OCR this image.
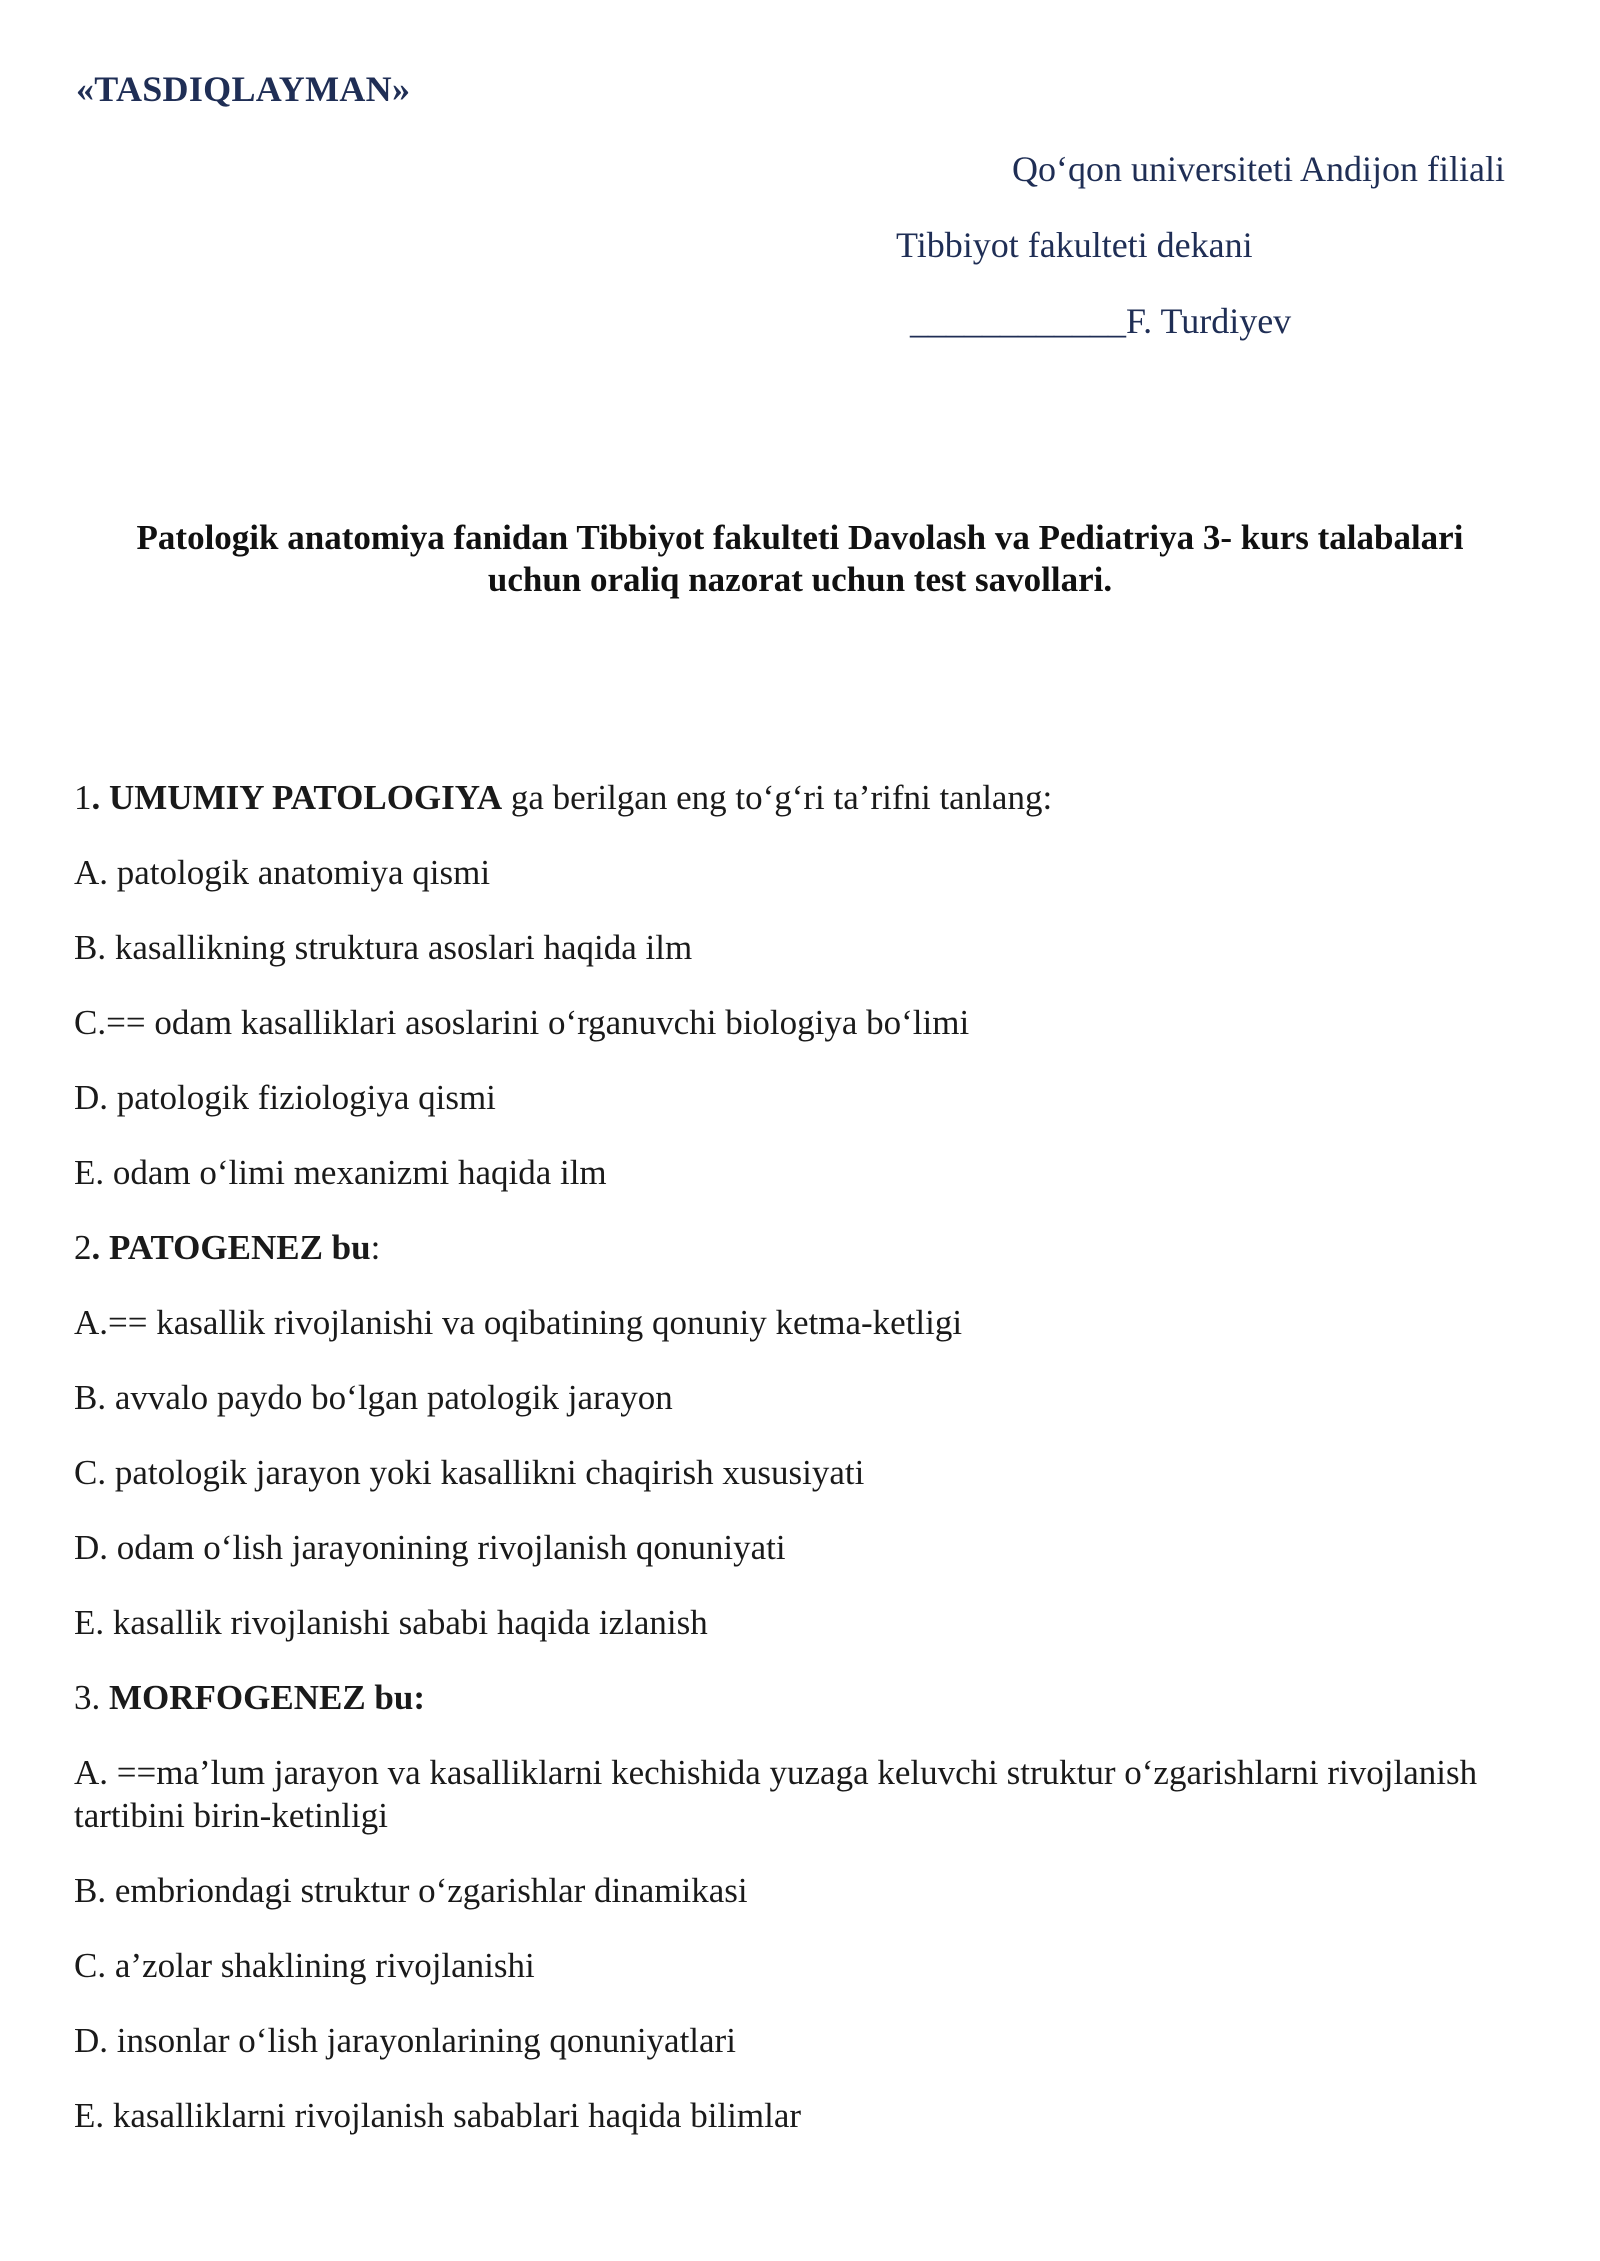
«TASDIQLAYMAN»
Qo‘qon universiteti Andijon filiali
Tibbiyot fakulteti dekani
____________F. Turdiyev
Patologik anatomiya fanidan Tibbiyot fakulteti Davolash va Pediatriya 3- kurs talabalari
uchun oraliq nazorat uchun test savollari.
1. UMUMIY PATOLOGIYA ga berilgan eng to‘g‘ri ta’rifni tanlang:
A. patologik anatomiya qismi
B. kasallikning struktura asoslari haqida ilm
C.== odam kasalliklari asoslarini o‘rganuvchi biologiya bo‘limi
D. patologik fiziologiya qismi
E. odam o‘limi mexanizmi haqida ilm
2. PATOGENEZ bu:
A.== kasallik rivojlanishi va oqibatining qonuniy ketma-ketligi
B. avvalo paydo bo‘lgan patologik jarayon
C. patologik jarayon yoki kasallikni chaqirish xususiyati
D. odam o‘lish jarayonining rivojlanish qonuniyati
E. kasallik rivojlanishi sababi haqida izlanish
3. MORFOGENEZ bu:
A. ==ma’lum jarayon va kasalliklarni kechishida yuzaga keluvchi struktur o‘zgarishlarni rivojlanish tartibini birin-ketinligi
B. embriondagi struktur o‘zgarishlar dinamikasi
C. a’zolar shaklining rivojlanishi
D. insonlar o‘lish jarayonlarining qonuniyatlari
E. kasalliklarni rivojlanish sabablari haqida bilimlar
